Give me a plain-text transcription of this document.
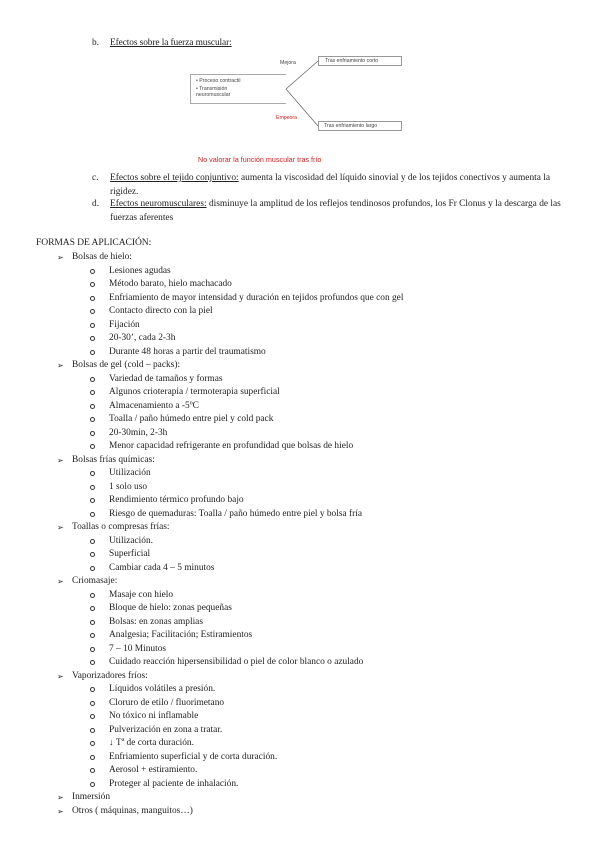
b. Efectos sobre la fuerza muscular:
Mejora	Tras enfriamiento corto
• Proceso contractil
• Transmisión neuromuscular
Empeora
Tras enfriamiento largo
No valorar la función muscular tras frío
c. Efectos sobre el tejido conjuntivo: aumenta la viscosidad del líquido sinovial y de los tejidos conectivos y aumenta la rigidez.
d. Efectos neuromusculares: disminuye la amplitud de los reflejos tendinosos profundos, los Fr Clonus y la descarga de las fuerzas aferentes
FORMAS DE APLICACIÓN:
➢ Bolsas de hielo:
Lesiones agudas
Método barato, hielo machacado
Enfriamiento de mayor intensidad y duración en tejidos profundos que con gel
Contacto directo con la piel
Fijación
20-30’, cada 2-3h
Durante 48 horas a partir del traumatismo
➢ Bolsas de gel (cold – packs):
Variedad de tamaños y formas
Algunos crioterapia / termoterapia superficial
Almacenamiento a -5ºC
Toalla / paño húmedo entre piel y cold pack
20-30min, 2-3h
Menor capacidad refrigerante en profundidad que bolsas de hielo
➢ Bolsas frías químicas:
Utilización
1 solo uso
Rendimiento térmico profundo bajo
Riesgo de quemaduras: Toalla / paño húmedo entre piel y bolsa fría
➢ Toallas o compresas frías:
Utilización.
Superficial
Cambiar cada 4 – 5 minutos
➢ Criomasaje:
Masaje con hielo
Bloque de hielo: zonas pequeñas
Bolsas: en zonas amplias
Analgesia; Facilitación; Estiramientos
7 – 10 Minutos
Cuidado reacción hipersensibilidad o piel de color blanco o azulado
➢ Vaporizadores fríos:
Líquidos volátiles a presión.
Cloruro de etilo / fluorimetano
No tóxico ni inflamable
Pulverización en zona a tratar.
↓ Tª de corta duración.
Enfriamiento superficial y de corta duración.
Aerosol + estiramiento.
Proteger al paciente de inhalación.
➢ Inmersión
➢ Otros ( máquinas, manguitos…)
